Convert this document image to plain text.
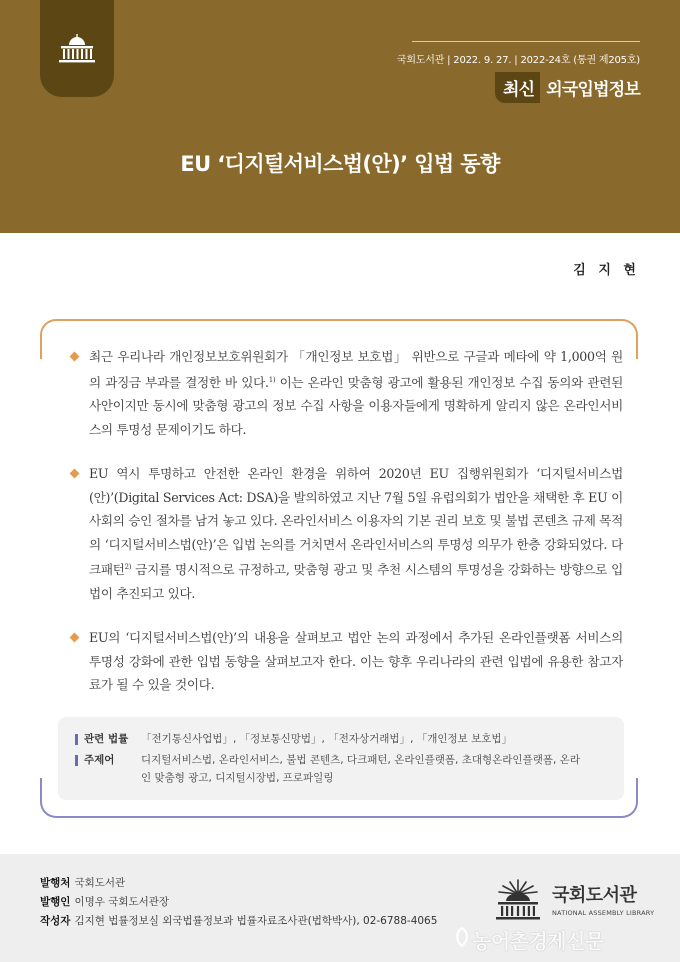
국회도서관 | 2022. 9. 27. | 2022-24호 (통권 제205호)
최신 외국입법정보
EU ‘디지털서비스법(안)’ 입법 동향
김 지 현
최근 우리나라 개인정보보호위원회가 「개인정보 보호법」 위반으로 구글과 메타에 약 1,000억 원의 과징금 부과를 결정한 바 있다.$^{1)}$ 이는 온라인 맞춤형 광고에 활용된 개인정보 수집 동의와 관련된 사안이지만 동시에 맞춤형 광고의 정보 수집 사항을 이용자들에게 명확하게 알리지 않은 온라인서비스의 투명성 문제이기도 하다.
EU 역시 투명하고 안전한 온라인 환경을 위하여 2020년 EU 집행위원회가 ‘디지털서비스법(안)’(Digital Services Act: DSA)을 발의하였고 지난 7월 5일 유럽의회가 법안을 채택한 후 EU 이사회의 승인 절차를 남겨 놓고 있다. 온라인서비스 이용자의 기본 권리 보호 및 불법 콘텐츠 규제 목적의 ‘디지털서비스법(안)’은 입법 논의를 거치면서 온라인서비스의 투명성 의무가 한층 강화되었다. 다크패턴$^{2)}$ 금지를 명시적으로 규정하고, 맞춤형 광고 및 추천 시스템의 투명성을 강화하는 방향으로 입법이 추진되고 있다.
EU의 ‘디지털서비스법(안)’의 내용을 살펴보고 법안 논의 과정에서 추가된 온라인플랫폼 서비스의 투명성 강화에 관한 입법 동향을 살펴보고자 한다. 이는 향후 우리나라의 관련 입법에 유용한 참고자료가 될 수 있을 것이다.
관련 법률 「전기통신사업법」, 「정보통신망법」, 「전자상거래법」, 「개인정보 보호법」
주제어	디지털서비스법, 온라인서비스, 불법 콘텐츠, 다크패턴, 온라인플랫폼, 초대형온라인플랫폼, 온라인 맞춤형 광고, 디지털시장법, 프로파일링
발행처 국회도서관
발행인 이명우 국회도서관장
작성자 김지현 법률정보실 외국법률정보과 법률자료조사관(법학박사), 02-6788-4065
국회도서관
NATIONAL ASSEMBLY LIBRARY
농어촌경제신문
